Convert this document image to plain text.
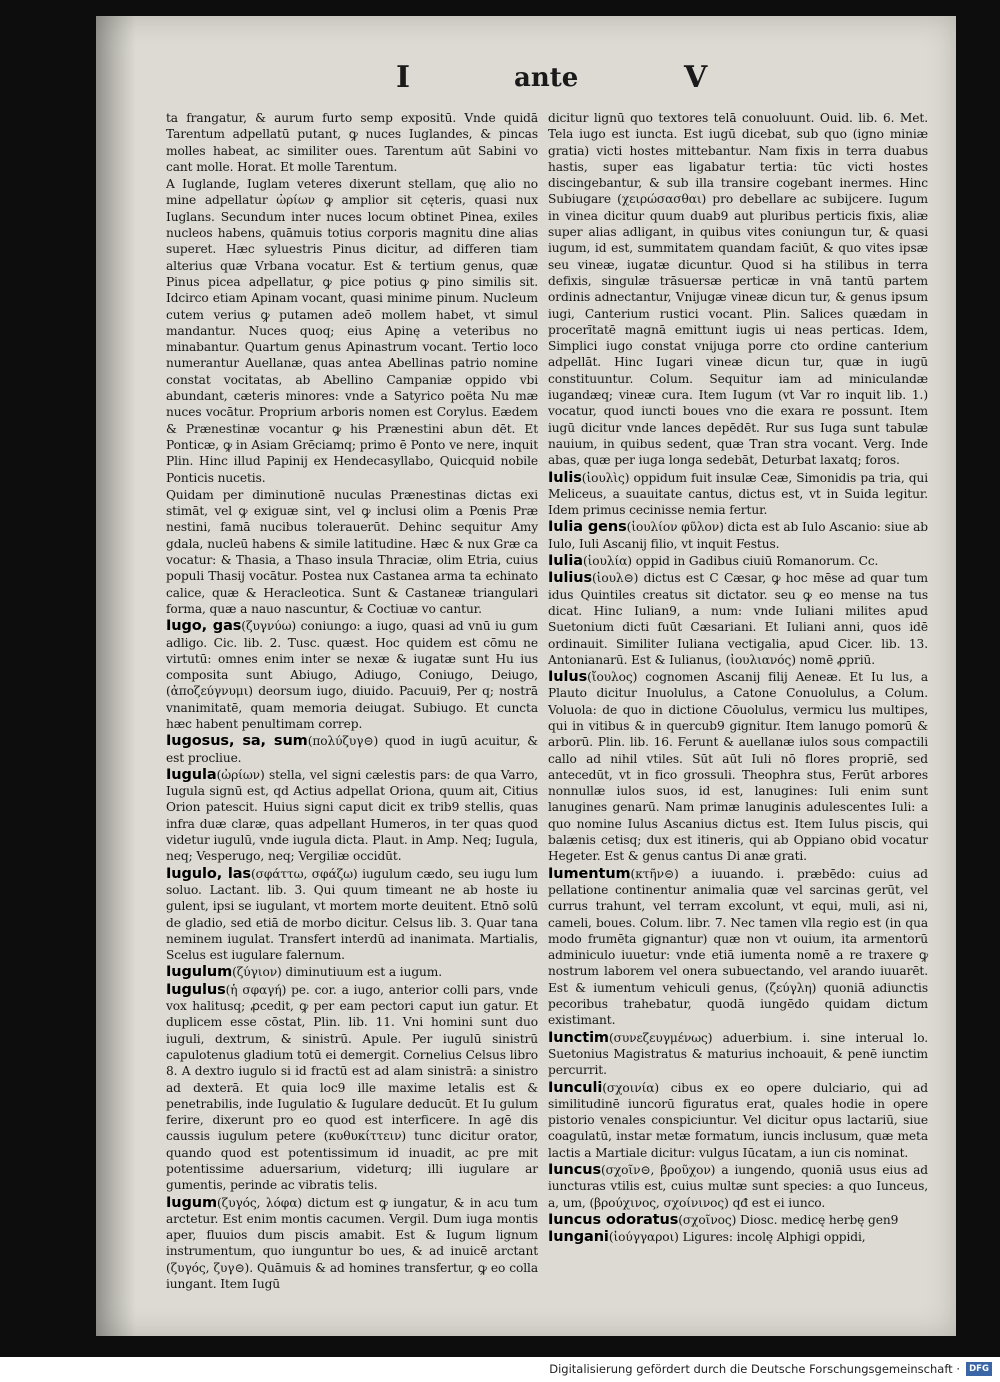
I	ante	V

ta frangatur, & aurum furto semp expositū. Vnde quidā Tarentum adpellatū putant, ꝙ nuces Iuglandes, & pincas molles habeat, ac similiter oues. Tarentum aūt Sabini vo cant molle. Horat. Et molle Tarentum.

A Iuglande, Iuglam veteres dixerunt stellam, quę alio no mine adpellatur ὠρίων ꝙ amplior sit cęteris, quasi nux Iuglans. Secundum inter nuces locum obtinet Pinea, exiles nucleos habens, quāmuis totius corporis magnitu dine alias superet. Hæc syluestris Pinus dicitur, ad differen tiam alterius quæ Vrbana vocatur. Est & tertium genus, quæ Pinus picea adpellatur, ꝙ pice potius ꝙ pino similis sit. Idcirco etiam Apinam vocant, quasi minime pinum. Nucleum cutem verius ꝙ putamen adeō mollem habet, vt simul mandantur. Nuces quoq; eius Apinę a veteribus no minabantur. Quartum genus Apinastrum vocant. Tertio loco numerantur Auellanæ, quas antea Abellinas patrio nomine constat vocitatas, ab Abellino Campaniæ oppido vbi abundant, cæteris minores: vnde a Satyrico poëta Nu mæ nuces vocātur. Proprium arboris nomen est Corylus. Eædem & Prænestinæ vocantur ꝙ his Prænestini abun dēt. Et Ponticæ, ꝙ in Asiam Grēciamq; primo ē Ponto ve nere, inquit Plin. Hinc illud Papinij ex Hendecasyllabo, Quicquid nobile Ponticis nucetis.

Quidam per diminutionē nuculas Prænestinas dictas exi stimāt, vel ꝙ exiguæ sint, vel ꝙ inclusi olim a Pœnis Præ nestini, famā nucibus tolerauerūt. Dehinc sequitur Amy gdala, nucleū habens & simile latitudine. Hæc & nux Græ ca vocatur: & Thasia, a Thaso insula Thraciæ, olim Etria, cuius populi Thasij vocātur. Postea nux Castanea arma ta echinato calice, quæ & Heracleotica. Sunt & Castaneæ triangulari forma, quæ a nauo nascuntur, & Coctiuæ vo cantur.

Iugo, gas(ζυγνύω) coniungo: a iugo, quasi ad vnū iu gum adligo. Cic. lib. 2. Tusc. quæst. Hoc quidem est cōmu ne virtutū: omnes enim inter se nexæ & iugatæ sunt Hu ius composita sunt Abiugo, Adiugo, Coniugo, Deiugo, (ἀποζεύγνυμι) deorsum iugo, diuido. Pacuui9, Per q; nostrā vnanimitatē, quam memoria deiugat. Subiugo. Et cuncta hæc habent penultimam correp.

Iugosus, sa, sum(πολύζυγ⊝) quod in iugū acuitur, & est procliue.

Iugula(ὠρίων) stella, vel signi cælestis pars: de qua Varro, Iugula signū est, qd Actius adpellat Oriona, quum ait, Citius Orion patescit. Huius signi caput dicit ex trib9 stellis, quas infra duæ claræ, quas adpellant Humeros, in ter quas quod videtur iugulū, vnde iugula dicta. Plaut. in Amp. Neq; Iugula, neq; Vesperugo, neq; Vergiliæ occidūt.

Iugulo, las(σφάττω, σφάζω) iugulum cædo, seu iugu lum soluo. Lactant. lib. 3. Qui quum timeant ne ab hoste iu gulent, ipsi se iugulant, vt mortem morte deuitent. Etnō solū de gladio, sed etiā de morbo dicitur. Celsus lib. 3. Quar tana neminem iugulat. Transfert interdū ad inanimata. Martialis, Scelus est iugulare falernum.

Iugulum(ζύγιον) diminutiuum est a iugum.

Iugulus(ἡ σφαγή) pe. cor. a iugo, anterior colli pars, vnde vox halitusq; ꝓcedit, ꝙ per eam pectori caput iun gatur. Et duplicem esse cōstat, Plin. lib. 11. Vni homini sunt duo iuguli, dextrum, & sinistrū. Apule. Per iugulū sinistrū capulotenus gladium totū ei demergit. Cornelius Celsus libro 8. A dextro iugulo si id fractū est ad alam sinistrā: a sinistro ad dexterā. Et quia loc9 ille maxime letalis est & penetrabilis, inde Iugulatio & Iugulare deducūt. Et Iu gulum ferire, dixerunt pro eo quod est interficere. In agē dis caussis iugulum petere (κυθυκίττειν) tunc dicitur orator, quando quod est potentissimum id inuadit, ac pre mit potentissime aduersarium, videturq; illi iugulare ar gumentis, perinde ac vibratis telis.

Iugum(ζυγός, λόφα) dictum est ꝙ iungatur, & in acu tum arctetur. Est enim montis cacumen. Vergil. Dum iuga montis aper, fluuios dum piscis amabit. Est & Iugum lignum instrumentum, quo iunguntur bo ues, & ad inuicē arctant (ζυγός, ζυγ⊝). Quāmuis & ad homines transfertur, ꝙ eo colla iungant. Item Iugū

dicitur lignū quo textores telā conuoluunt. Ouid. lib. 6. Met. Tela iugo est iuncta. Est iugū dicebat, sub quo (igno miniæ gratia) victi hostes mittebantur. Nam fixis in terra duabus hastis, super eas ligabatur tertia: tūc victi hostes discingebantur, & sub illa transire cogebant inermes. Hinc Subiugare (χειρώσασθαι) pro debellare ac subijcere. Iugum in vinea dicitur quum duab9 aut pluribus perticis fixis, aliæ super alias adligant, in quibus vites coniungun tur, & quasi iugum, id est, summitatem quandam faciūt, & quo vites ipsæ seu vineæ, iugatæ dicuntur. Quod si ha stilibus in terra defixis, singulæ trāsuersæ perticæ in vnā tantū partem ordinis adnectantur, Vnijugæ vineæ dicun tur, & genus ipsum iugi, Canterium rustici vocant. Plin. Salices quædam in procerītatē magnā emittunt iugis ui neas perticas. Idem, Simplici iugo constat vnijuga porre cto ordine canterium adpellāt. Hinc Iugari vineæ dicun tur, quæ in iugū constituuntur. Colum. Sequitur iam ad miniculandæ iugandæq; vineæ cura. Item Iugum (vt Var ro inquit lib. 1.) vocatur, quod iuncti boues vno die exara re possunt. Item iugū dicitur vnde lances depēdēt. Rur sus Iuga sunt tabulæ nauium, in quibus sedent, quæ Tran stra vocant. Verg. Inde abas, quæ per iuga longa sedebāt, Deturbat laxatq; foros.

Iulis(ἰουλὶς) oppidum fuit insulæ Ceæ, Simonidis pa tria, qui Meliceus, a suauitate cantus, dictus est, vt in Suida legitur. Idem primus cecinisse nemia fertur.

Iulia gens(ἰουλίον φῦλον) dicta est ab Iulo Ascanio: siue ab Iulo, Iuli Ascanij filio, vt inquit Festus.

Iulia(ἰουλία) oppid in Gadibus ciuiū Romanorum. Cc.

Iulius(ἰουλ⊝) dictus est C Cæsar, ꝙ hoc mēse ad quar tum idus Quintiles creatus sit dictator. seu ꝙ eo mense na tus dicat. Hinc Iulian9, a num: vnde Iuliani milites apud Suetonium dicti fuūt Cæsariani. Et Iuliani anni, quos idē ordinauit. Similiter Iuliana vectigalia, apud Cicer. lib. 13. Antonianarū. Est & Iulianus, (ἰουλιανός) nomē ꝓpriū.

Iulus(ἴουλος) cognomen Ascanij filij Aeneæ. Et Iu lus, a Plauto dicitur Inuolulus, a Catone Conuolulus, a Colum. Voluola: de quo in dictione Cōuolulus, vermicu lus multipes, qui in vitibus & in quercub9 gignitur. Item lanugo pomorū & arborū. Plin. lib. 16. Ferunt & auellanæ iulos sous compactili callo ad nihil vtiles. Sūt aūt Iuli nō flores propriē, sed antecedūt, vt in fico grossuli. Theophra stus, Ferūt arbores nonnullæ iulos suos, id est, lanugines: Iuli enim sunt lanugines genarū. Nam primæ lanuginis adulescentes Iuli: a quo nomine Iulus Ascanius dictus est. Item Iulus piscis, qui balænis cetisq; dux est itineris, qui ab Oppiano obid vocatur Hegeter. Est & genus cantus Di anæ grati.

Iumentum(κτῆν⊝) a iuuando. i. præbēdo: cuius ad pellatione continentur animalia quæ vel sarcinas gerūt, vel currus trahunt, vel terram excolunt, vt equi, muli, asi ni, cameli, boues. Colum. libr. 7. Nec tamen vlla regio est (in qua modo frumēta gignantur) quæ non vt ouium, ita armentorū adminiculo iuuetur: vnde etiā iumenta nomē a re traxere ꝙ nostrum laborem vel onera subuectando, vel arando iuuarēt. Est & iumentum vehiculi genus, (ζεύγλη) quoniā adiunctis pecoribus trahebatur, quodā iungēdo quidam dictum existimant.

Iunctim(συνεζευγμένως) aduerbium. i. sine interual lo. Suetonius Magistratus & maturius inchoauit, & penē iunctim percurrit.

Iunculi(σχοινία) cibus ex eo opere dulciario, qui ad similitudinē iuncorū figuratus erat, quales hodie in opere pistorio venales conspiciuntur. Vel dicitur opus lactariū, siue coagulatū, instar metæ formatum, iuncis inclusum, quæ meta lactis a Martiale dicitur: vulgus Iūcatam, a iun cis nominat.

Iuncus(σχοῖν⊝, βροῦχον) a iungendo, quoniā usus eius ad iuncturas vtilis est, cuius multæ sunt species: a quo Iunceus, a, um, (βρούχινος, σχοίνινος) qđ est ei iunco.

Iuncus odoratus(σχοῖνος) Diosc. medicę herbę gen9

Iungani(ἰούγγαροι) Ligures: incolę Alphigi oppidi,

Digitalisierung gefördert durch die Deutsche Forschungsgemeinschaft ·	DFG
